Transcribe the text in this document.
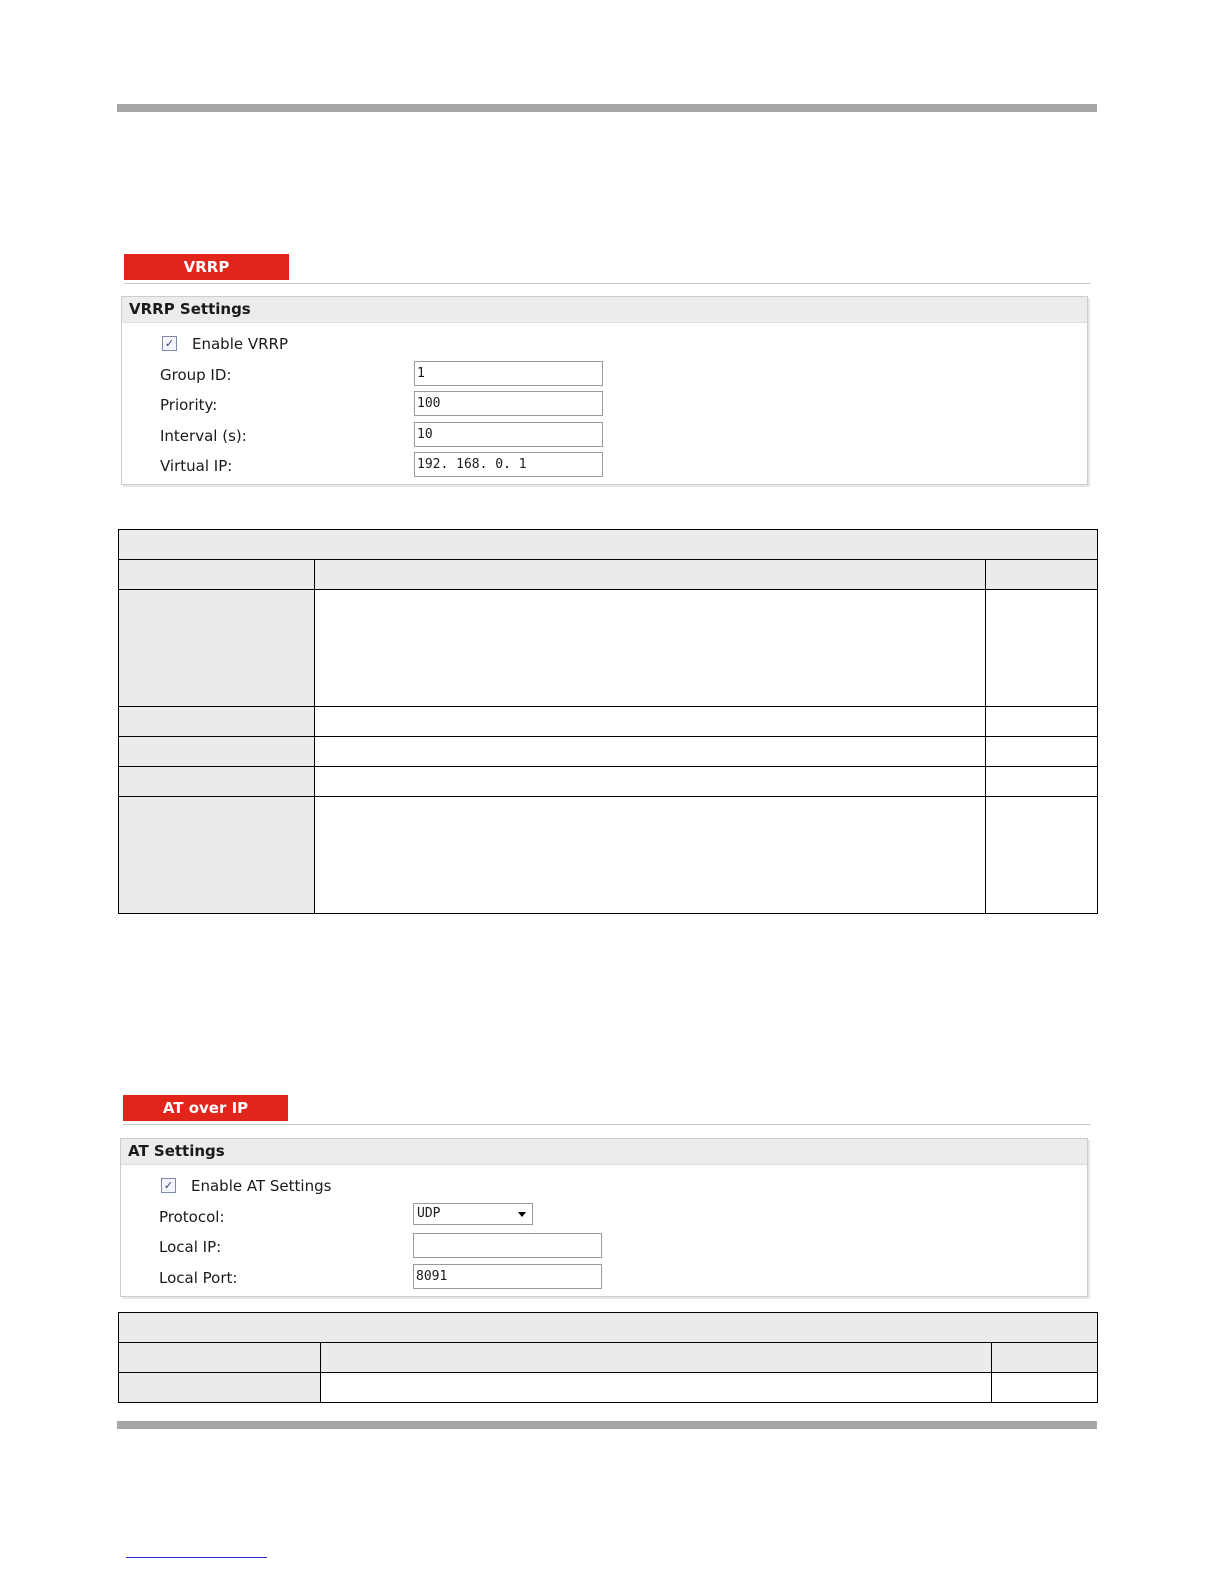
VRRP
VRRP Settings
✓ Enable VRRP
Group ID:	1
Priority:	100
Interval (s):	10
Virtual IP:	192. 168. 0. 1

AT over IP
AT Settings
✓ Enable AT Settings
Protocol:	UDP
Local IP:
Local Port:	8091
